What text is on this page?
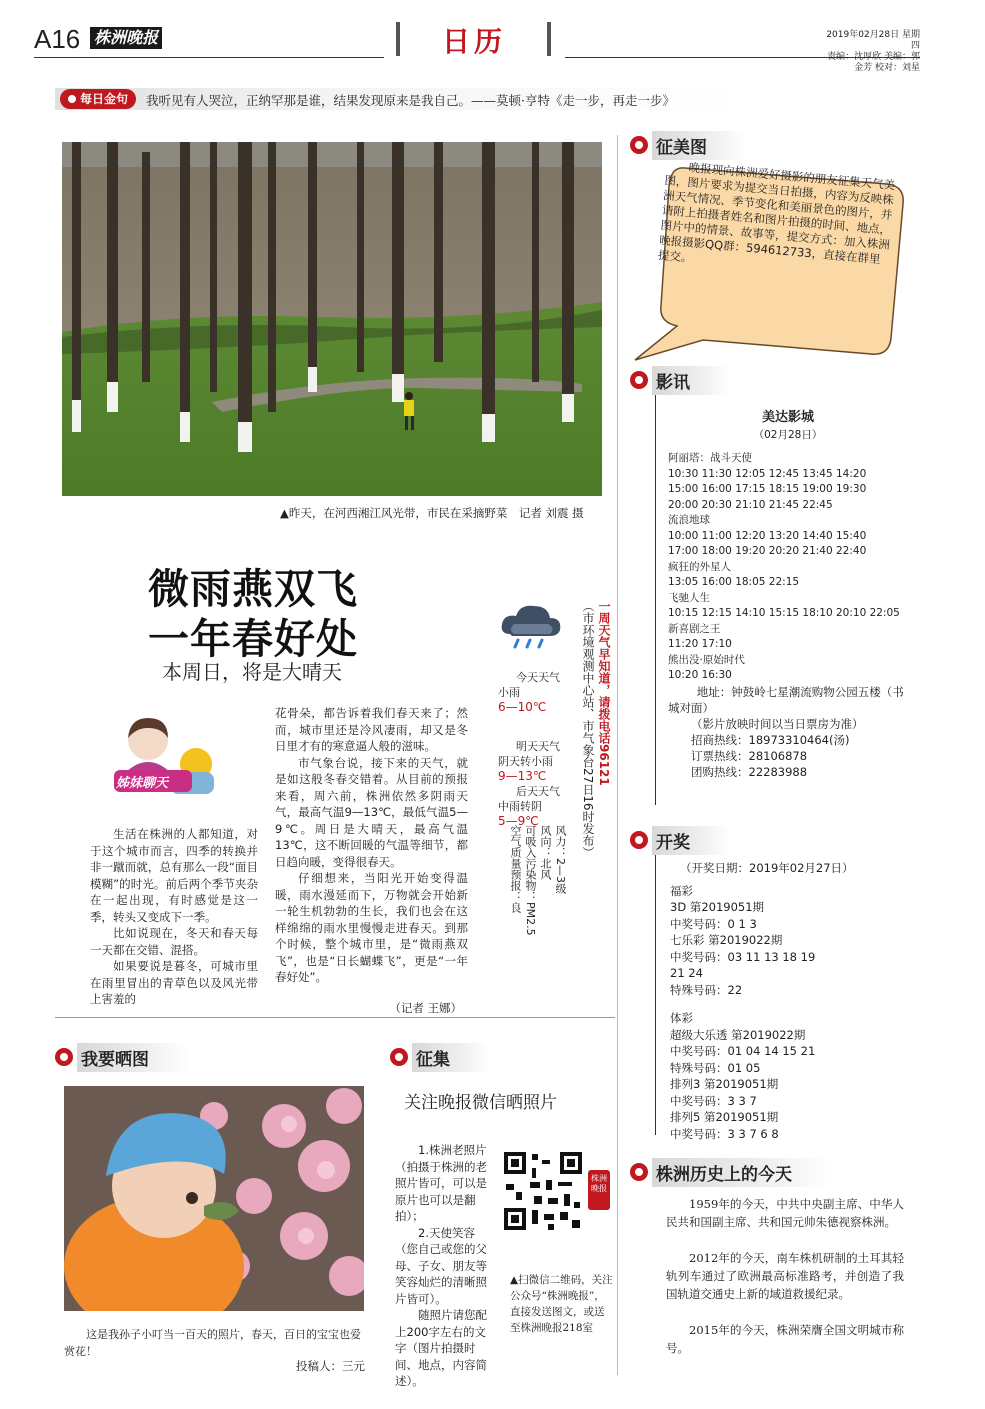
A16 株洲晚报	日历	2019年02月28日 星期四
责编：沈厚欣 美编：郭金芳 校对：刘星
每日金句	我听见有人哭泣，正纳罕那是谁，结果发现原来是我自己。——莫顿·亨特《走一步，再走一步》
▲昨天，在河西湘江风光带，市民在采摘野菜　记者 刘震 摄
微雨燕双飞
一年春好处
本周日，将是大晴天
姊妹聊天
生活在株洲的人都知道，对于这个城市而言，四季的转换并非一蹴而就，总有那么一段“面目模糊”的时光。前后两个季节夹杂在一起出现，有时感觉是这一季，转头又变成下一季。
比如说现在，冬天和春天每一天都在交错、混搭。
如果要说是暮冬，可城市里在雨里冒出的青草色以及风光带上害羞的
花骨朵，都告诉着我们春天来了；然而，城市里还是冷风凄雨，却又是冬日里才有的寒意逼人般的滋味。
市气象台说，接下来的天气，就是如这般冬春交错着。从目前的预报来看，周六前，株洲依然多阴雨天气，最高气温9—13℃，最低气温5—9℃。周日是大晴天，最高气温13℃，这不断回暖的气温等细节，都日趋向暖，变得很春天。
仔细想来，当阳光开始变得温暖，雨水漫延而下，万物就会开始新一轮生机勃勃的生长，我们也会在这样绵绵的雨水里慢慢走进春天。到那个时候，整个城市里，是“微雨燕双飞”，也是“日长蝴蝶飞”，更是“一年春好处”。
（记者 王娜）
今天天气
小雨
6—10℃
明天天气
阴天转小雨
9—13℃
后天天气
中雨转阴
5—9℃
风力：2—3级
风向：北风
可吸入污染物：PM2.5
空气质量预报：良
一周天气早知道，请拨电话96121
（市环境观测中心站、市气象台27日16时发布）
征美图
晚报现向株洲爱好摄影的朋友征集天气美图，图片要求为提交当日拍摄，内容为反映株洲天气情况、季节变化和美丽景色的图片，并请附上拍摄者姓名和图片拍摄的时间、地点，图片中的情景、故事等，提交方式：加入株洲晚报摄影QQ群：594612733，直接在群里提交。
影讯
美达影城
（02月28日）
阿丽塔：战斗天使
10:30 11:30 12:05 12:45 13:45 14:20
15:00 16:00 17:15 18:15 19:00 19:30
20:00 20:30 21:10 21:45 22:45
流浪地球
10:00 11:00 12:20 13:20 14:40 15:40
17:00 18:00 19:20 20:20 21:40 22:40
疯狂的外星人
13:05 16:00 18:05 22:15
飞驰人生
10:15 12:15 14:10 15:15 18:10 20:10 22:05
新喜剧之王
11:20 17:10
熊出没·原始时代
10:20 16:30
地址：钟鼓岭七星潮流购物公园五楼（书城对面）
（影片放映时间以当日票房为准）
招商热线：18973310464(汤)
订票热线：28106878
团购热线：22283988
开奖
（开奖日期：2019年02月27日）
福彩
3D 第2019051期
中奖号码：0 1 3
七乐彩 第2019022期
中奖号码：03 11 13 18 19
21 24
特殊号码：22
体彩
超级大乐透 第2019022期
中奖号码：01 04 14 15 21
特殊号码：01 05
排列3 第2019051期
中奖号码：3 3 7
排列5 第2019051期
中奖号码：3 3 7 6 8
株洲历史上的今天
1959年的今天，中共中央副主席、中华人民共和国副主席、共和国元帅朱德视察株洲。
2012年的今天，南车株机研制的土耳其轻轨列车通过了欧洲最高标准路考，并创造了我国轨道交通史上新的域道救援纪录。
2015年的今天，株洲荣膺全国文明城市称号。
我要晒图
这是我孙子小叮当一百天的照片，春天，百日的宝宝也爱赏花！
投稿人：三元
征集
关注晚报微信晒照片
1.株洲老照片（拍摄于株洲的老照片皆可，可以是原片也可以是翻拍）；
2.天使笑容（您自己或您的父母、子女、朋友等笑容灿烂的清晰照片皆可）。
随照片请您配上200字左右的文字（图片拍摄时间、地点，内容简述）。
株洲晚报
▲扫微信二维码，关注公众号“株洲晚报”，直接发送图文，或送至株洲晚报218室
